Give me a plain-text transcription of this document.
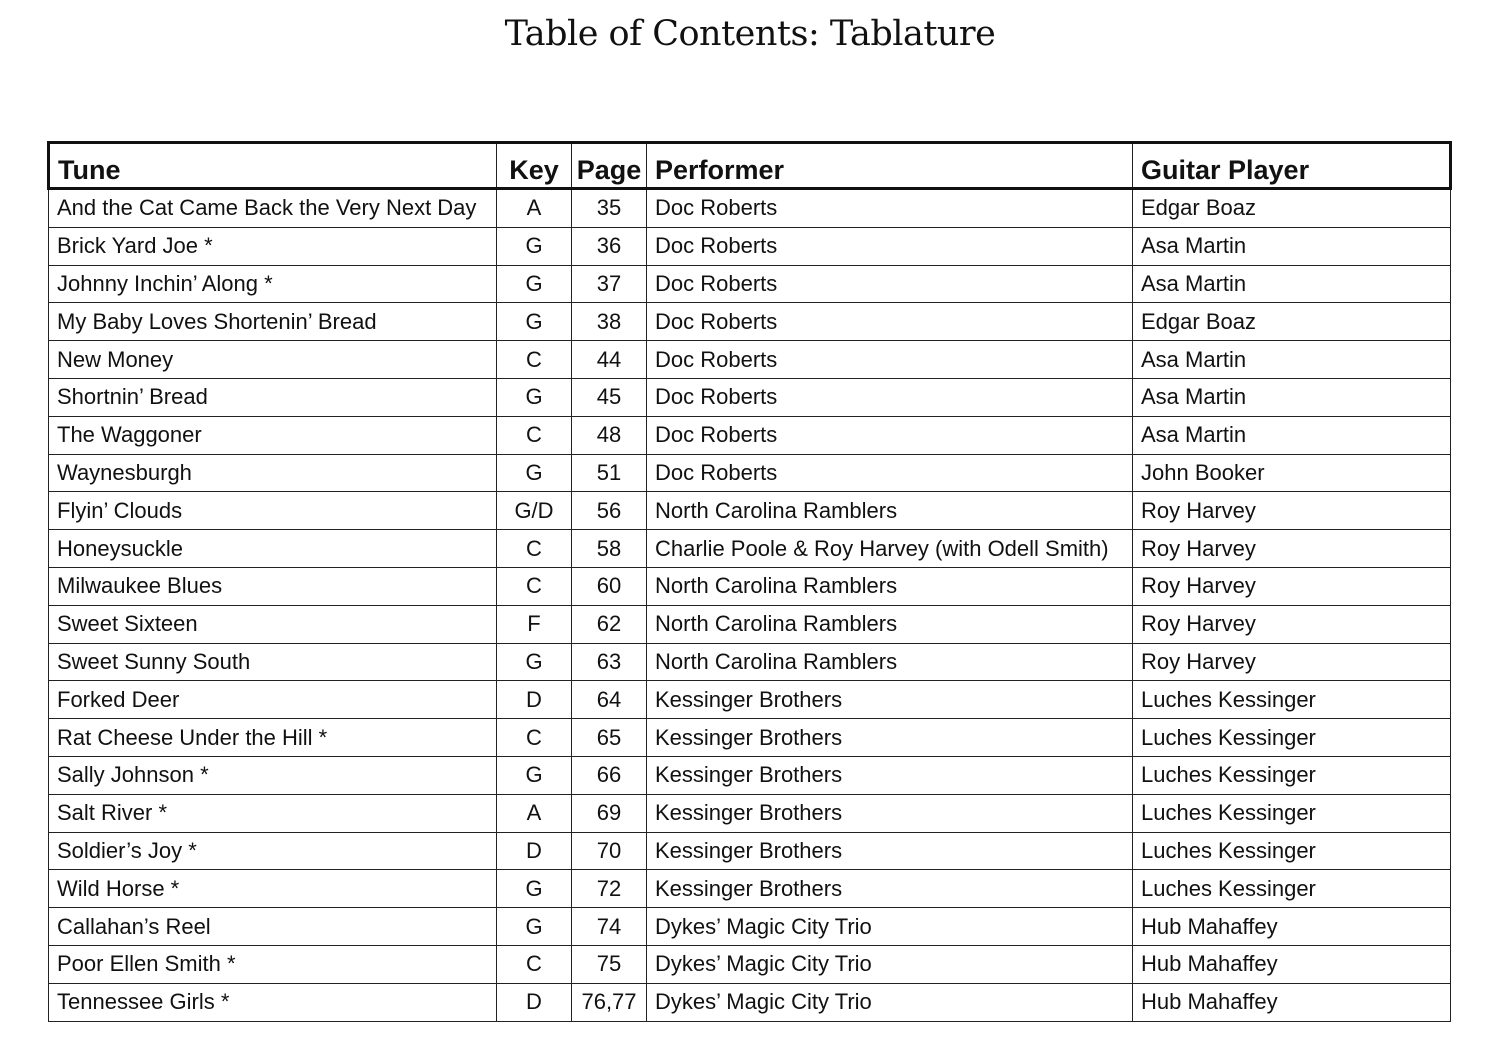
Table of Contents: Tablature
Tune	Key	Page	Performer	Guitar Player
And the Cat Came Back the Very Next Day	A	35	Doc Roberts	Edgar Boaz
Brick Yard Joe *	G	36	Doc Roberts	Asa Martin
Johnny Inchin’ Along *	G	37	Doc Roberts	Asa Martin
My Baby Loves Shortenin’ Bread	G	38	Doc Roberts	Edgar Boaz
New Money	C	44	Doc Roberts	Asa Martin
Shortnin’ Bread	G	45	Doc Roberts	Asa Martin
The Waggoner	C	48	Doc Roberts	Asa Martin
Waynesburgh	G	51	Doc Roberts	John Booker
Flyin’ Clouds	G/D	56	North Carolina Ramblers	Roy Harvey
Honeysuckle	C	58	Charlie Poole & Roy Harvey (with Odell Smith)	Roy Harvey
Milwaukee Blues	C	60	North Carolina Ramblers	Roy Harvey
Sweet Sixteen	F	62	North Carolina Ramblers	Roy Harvey
Sweet Sunny South	G	63	North Carolina Ramblers	Roy Harvey
Forked Deer	D	64	Kessinger Brothers	Luches Kessinger
Rat Cheese Under the Hill *	C	65	Kessinger Brothers	Luches Kessinger
Sally Johnson *	G	66	Kessinger Brothers	Luches Kessinger
Salt River *	A	69	Kessinger Brothers	Luches Kessinger
Soldier’s Joy *	D	70	Kessinger Brothers	Luches Kessinger
Wild Horse *	G	72	Kessinger Brothers	Luches Kessinger
Callahan’s Reel	G	74	Dykes’ Magic City Trio	Hub Mahaffey
Poor Ellen Smith *	C	75	Dykes’ Magic City Trio	Hub Mahaffey
Tennessee Girls *	D	76,77	Dykes’ Magic City Trio	Hub Mahaffey
